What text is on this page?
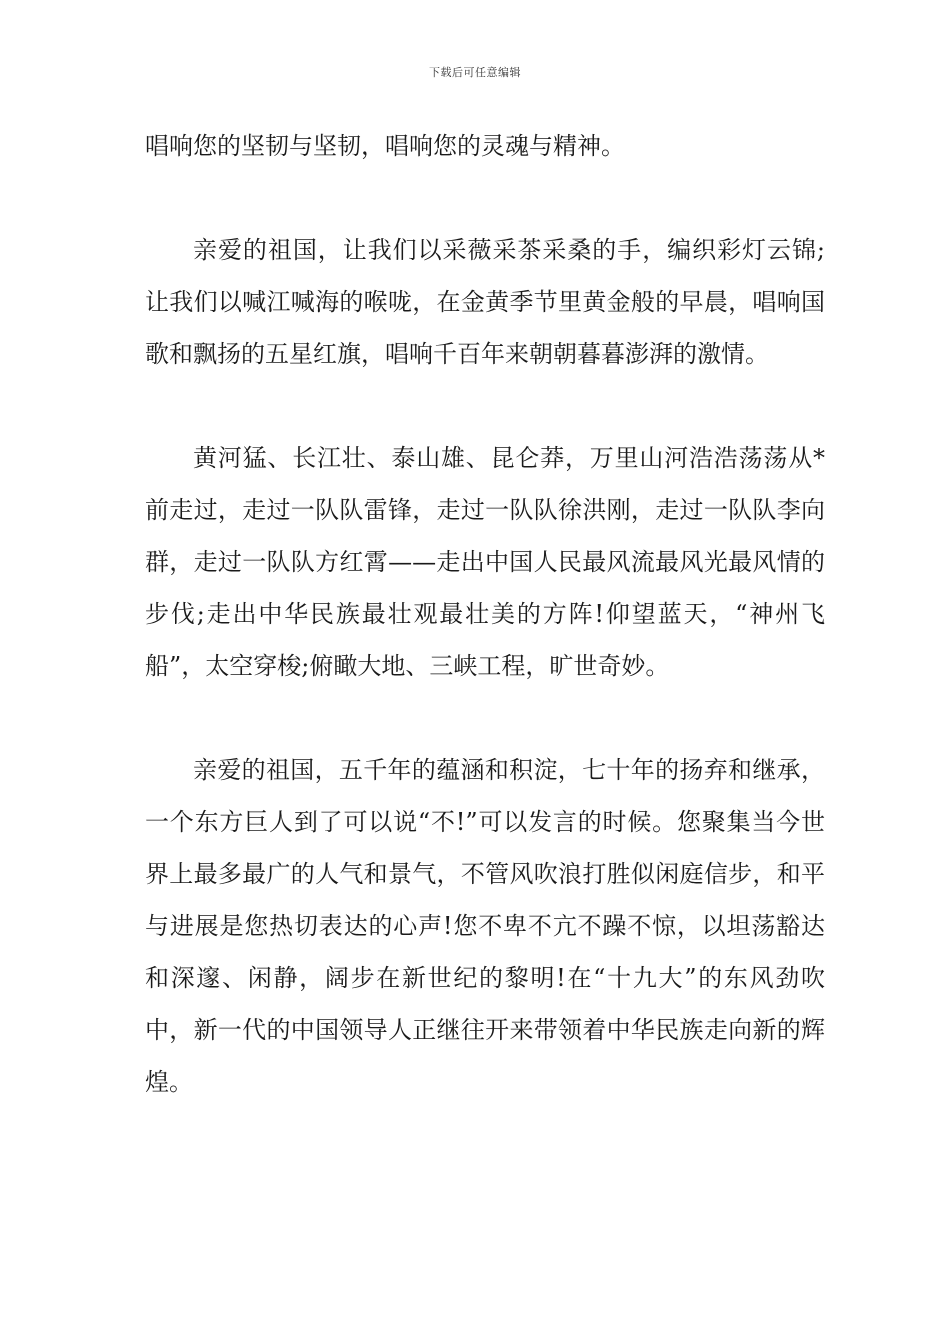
下载后可任意编辑

唱响您的坚韧与坚韧，唱响您的灵魂与精神。

亲爱的祖国，让我们以采薇采茶采桑的手，编织彩灯云锦;让我们以喊江喊海的喉咙，在金黄季节里黄金般的早晨，唱响国歌和飘扬的五星红旗，唱响千百年来朝朝暮暮澎湃的激情。

黄河猛、长江壮、泰山雄、昆仑莽，万里山河浩浩荡荡从*前走过，走过一队队雷锋，走过一队队徐洪刚，走过一队队李向群，走过一队队方红霄——走出中国人民最风流最风光最风情的步伐;走出中华民族最壮观最壮美的方阵!仰望蓝天，“神州飞船”，太空穿梭;俯瞰大地、三峡工程，旷世奇妙。

亲爱的祖国，五千年的蕴涵和积淀，七十年的扬弃和继承，一个东方巨人到了可以说“不!”可以发言的时候。您聚集当今世界上最多最广的人气和景气，不管风吹浪打胜似闲庭信步，和平与进展是您热切表达的心声!您不卑不亢不躁不惊，以坦荡豁达和深邃、闲静，阔步在新世纪的黎明!在“十九大”的东风劲吹中，新一代的中国领导人正继往开来带领着中华民族走向新的辉煌。
